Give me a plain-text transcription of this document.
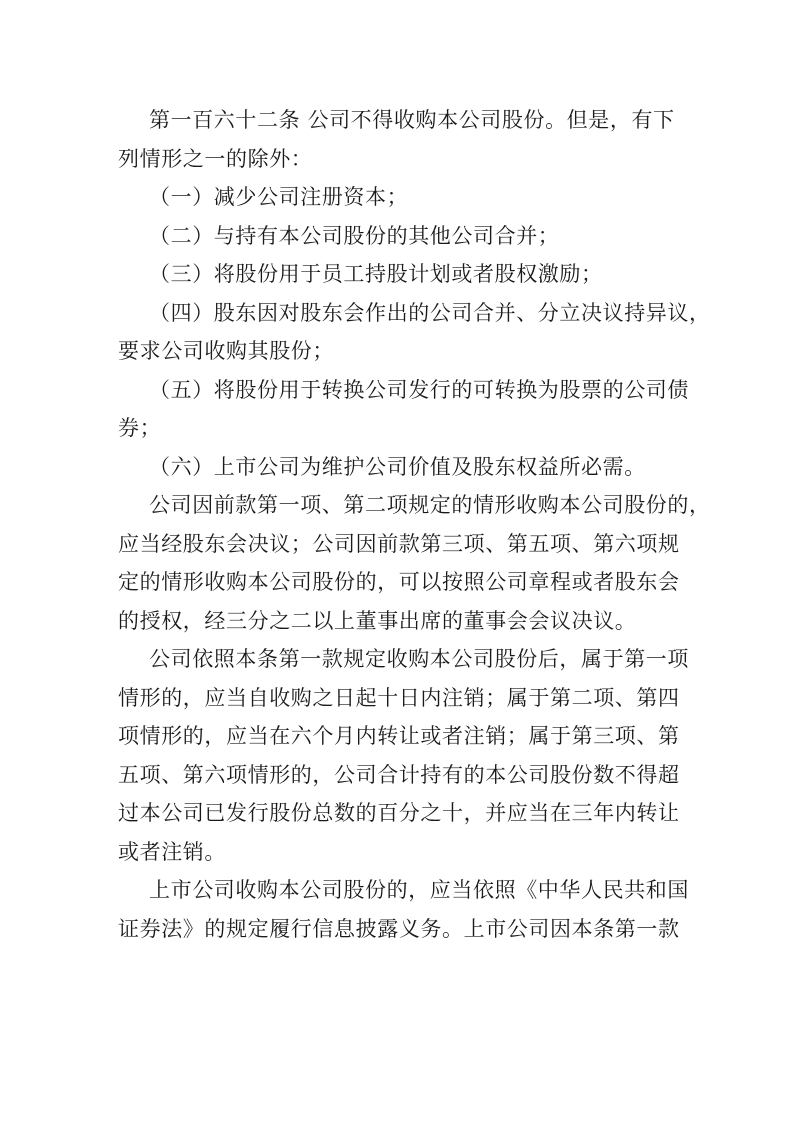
第一百六十二条 公司不得收购本公司股份。但是，有下
列情形之一的除外：
（一）减少公司注册资本；
（二）与持有本公司股份的其他公司合并；
（三）将股份用于员工持股计划或者股权激励；
（四）股东因对股东会作出的公司合并、分立决议持异议，
要求公司收购其股份；
（五）将股份用于转换公司发行的可转换为股票的公司债
券；
（六）上市公司为维护公司价值及股东权益所必需。
公司因前款第一项、第二项规定的情形收购本公司股份的，
应当经股东会决议；公司因前款第三项、第五项、第六项规
定的情形收购本公司股份的，可以按照公司章程或者股东会
的授权，经三分之二以上董事出席的董事会会议决议。
公司依照本条第一款规定收购本公司股份后，属于第一项
情形的，应当自收购之日起十日内注销；属于第二项、第四
项情形的，应当在六个月内转让或者注销；属于第三项、第
五项、第六项情形的，公司合计持有的本公司股份数不得超
过本公司已发行股份总数的百分之十，并应当在三年内转让
或者注销。
上市公司收购本公司股份的，应当依照《中华人民共和国
证券法》的规定履行信息披露义务。上市公司因本条第一款
